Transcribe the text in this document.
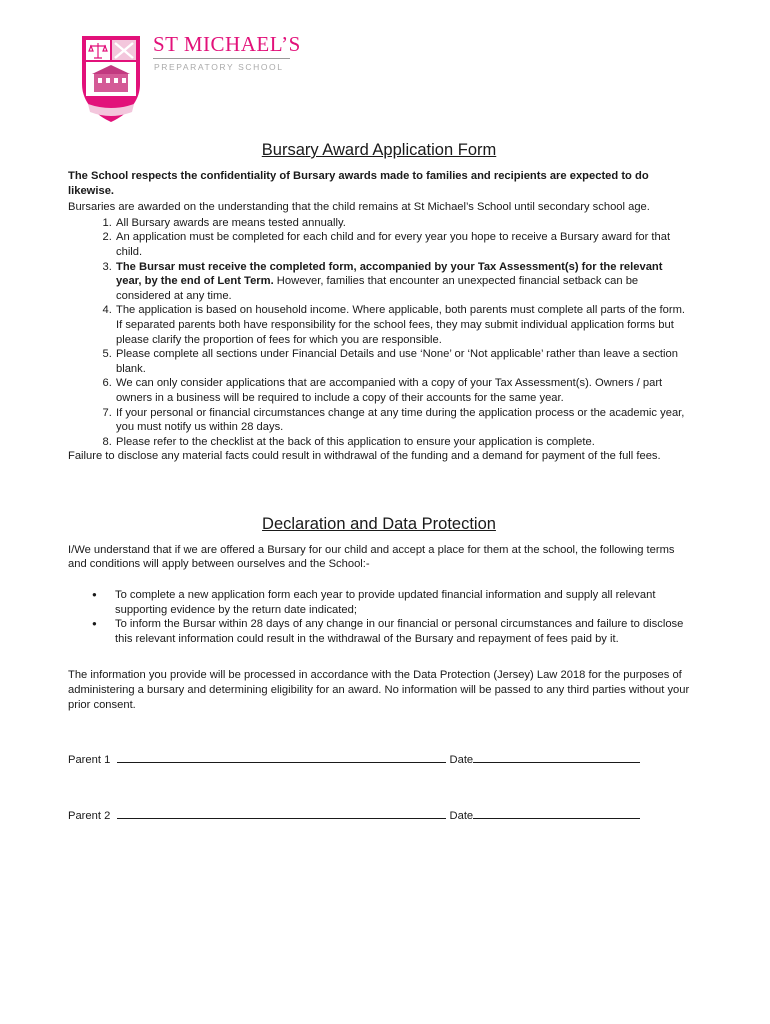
ST MICHAEL’S
PREPARATORY SCHOOL
Bursary Award Application Form

The School respects the confidentiality of Bursary awards made to families and recipients are expected to do likewise.

Bursaries are awarded on the understanding that the child remains at St Michael’s School until secondary school age.

1. All Bursary awards are means tested annually.
2. An application must be completed for each child and for every year you hope to receive a Bursary award for that child.
3. The Bursar must receive the completed form, accompanied by your Tax Assessment(s) for the relevant year, by the end of Lent Term. However, families that encounter an unexpected financial setback can be considered at any time.
4. The application is based on household income. Where applicable, both parents must complete all parts of the form. If separated parents both have responsibility for the school fees, they may submit individual application forms but please clarify the proportion of fees for which you are responsible.
5. Please complete all sections under Financial Details and use ‘None’ or ‘Not applicable’ rather than leave a section blank.
6. We can only consider applications that are accompanied with a copy of your Tax Assessment(s). Owners / part owners in a business will be required to include a copy of their accounts for the same year.
7. If your personal or financial circumstances change at any time during the application process or the academic year, you must notify us within 28 days.
8. Please refer to the checklist at the back of this application to ensure your application is complete.

Failure to disclose any material facts could result in withdrawal of the funding and a demand for payment of the full fees.

Declaration and Data Protection

I/We understand that if we are offered a Bursary for our child and accept a place for them at the school, the following terms and conditions will apply between ourselves and the School:-

● To complete a new application form each year to provide updated financial information and supply all relevant supporting evidence by the return date indicated;
● To inform the Bursar within 28 days of any change in our financial or personal circumstances and failure to disclose this relevant information could result in the withdrawal of the Bursary and repayment of fees paid by it.

The information you provide will be processed in accordance with the Data Protection (Jersey) Law 2018 for the purposes of administering a bursary and determining eligibility for an award. No information will be passed to any third parties without your prior consent.

Parent 1	Date
Parent 2	Date
